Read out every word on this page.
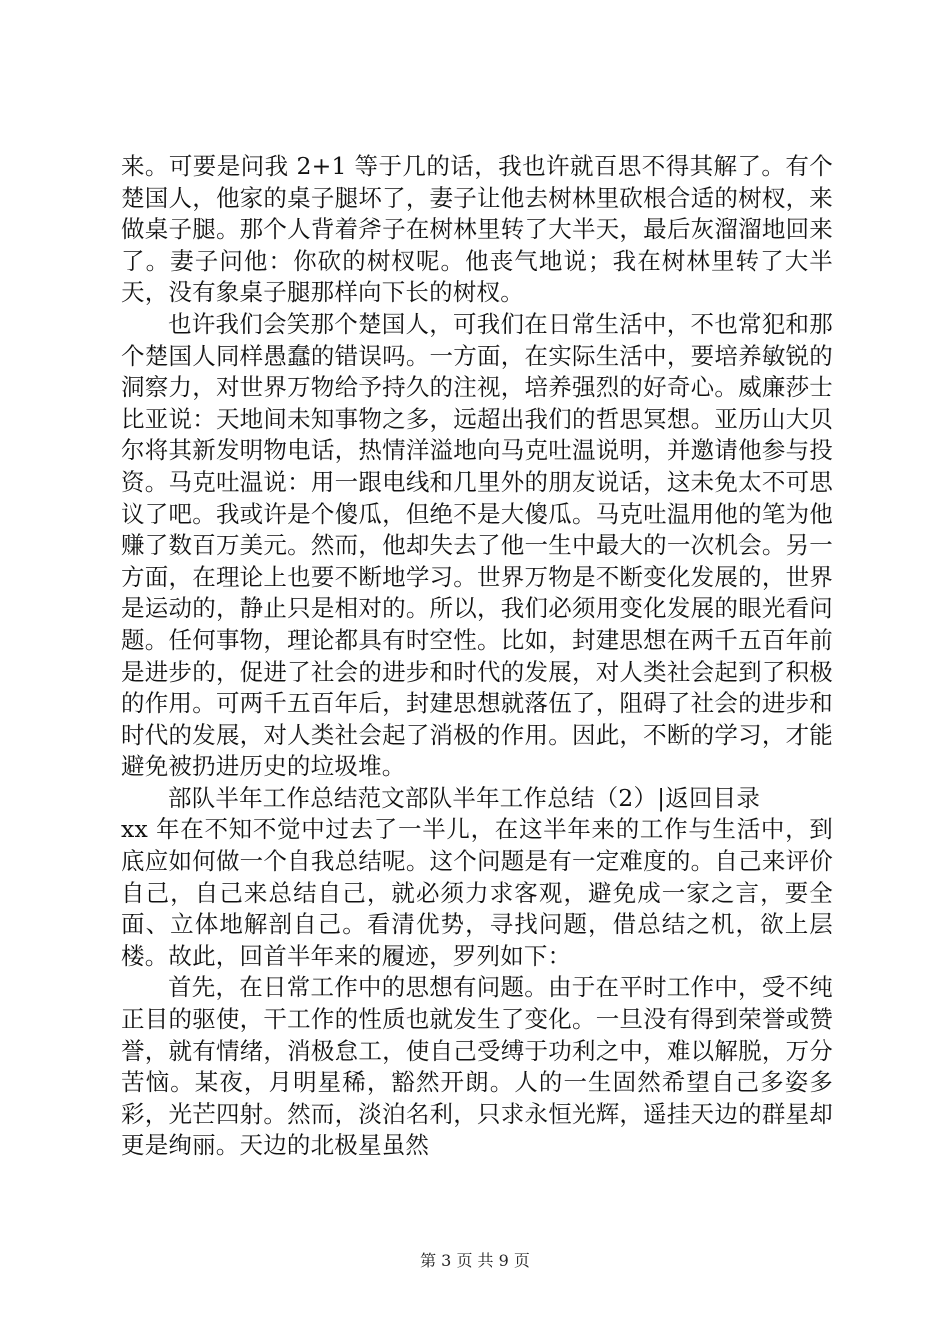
来。可要是问我 2+1 等于几的话，我也许就百思不得其解了。有个楚国人，他家的桌子腿坏了，妻子让他去树林里砍根合适的树杈，来做桌子腿。那个人背着斧子在树林里转了大半天，最后灰溜溜地回来了。妻子问他：你砍的树杈呢。他丧气地说；我在树林里转了大半天，没有象桌子腿那样向下长的树杈。

也许我们会笑那个楚国人，可我们在日常生活中，不也常犯和那个楚国人同样愚蠢的错误吗。一方面，在实际生活中，要培养敏锐的洞察力，对世界万物给予持久的注视，培养强烈的好奇心。威廉莎士比亚说：天地间未知事物之多，远超出我们的哲思冥想。亚历山大贝尔将其新发明物电话，热情洋溢地向马克吐温说明，并邀请他参与投资。马克吐温说：用一跟电线和几里外的朋友说话，这未免太不可思议了吧。我或许是个傻瓜，但绝不是大傻瓜。马克吐温用他的笔为他赚了数百万美元。然而，他却失去了他一生中最大的一次机会。另一方面，在理论上也要不断地学习。世界万物是不断变化发展的，世界是运动的，静止只是相对的。所以，我们必须用变化发展的眼光看问题。任何事物，理论都具有时空性。比如，封建思想在两千五百年前是进步的，促进了社会的进步和时代的发展，对人类社会起到了积极的作用。可两千五百年后，封建思想就落伍了，阻碍了社会的进步和时代的发展，对人类社会起了消极的作用。因此，不断的学习，才能避免被扔进历史的垃圾堆。

部队半年工作总结范文部队半年工作总结（2）|返回目录

xx 年在不知不觉中过去了一半儿，在这半年来的工作与生活中，到底应如何做一个自我总结呢。这个问题是有一定难度的。自己来评价自己，自己来总结自己，就必须力求客观，避免成一家之言，要全面、立体地解剖自己。看清优势，寻找问题，借总结之机，欲上层楼。故此，回首半年来的履迹，罗列如下：

首先，在日常工作中的思想有问题。由于在平时工作中，受不纯正目的驱使，干工作的性质也就发生了变化。一旦没有得到荣誉或赞誉，就有情绪，消极怠工，使自己受缚于功利之中，难以解脱，万分苦恼。某夜，月明星稀，豁然开朗。人的一生固然希望自己多姿多彩，光芒四射。然而，淡泊名利，只求永恒光辉，遥挂天边的群星却更是绚丽。天边的北极星虽然

第 3 页 共 9 页
